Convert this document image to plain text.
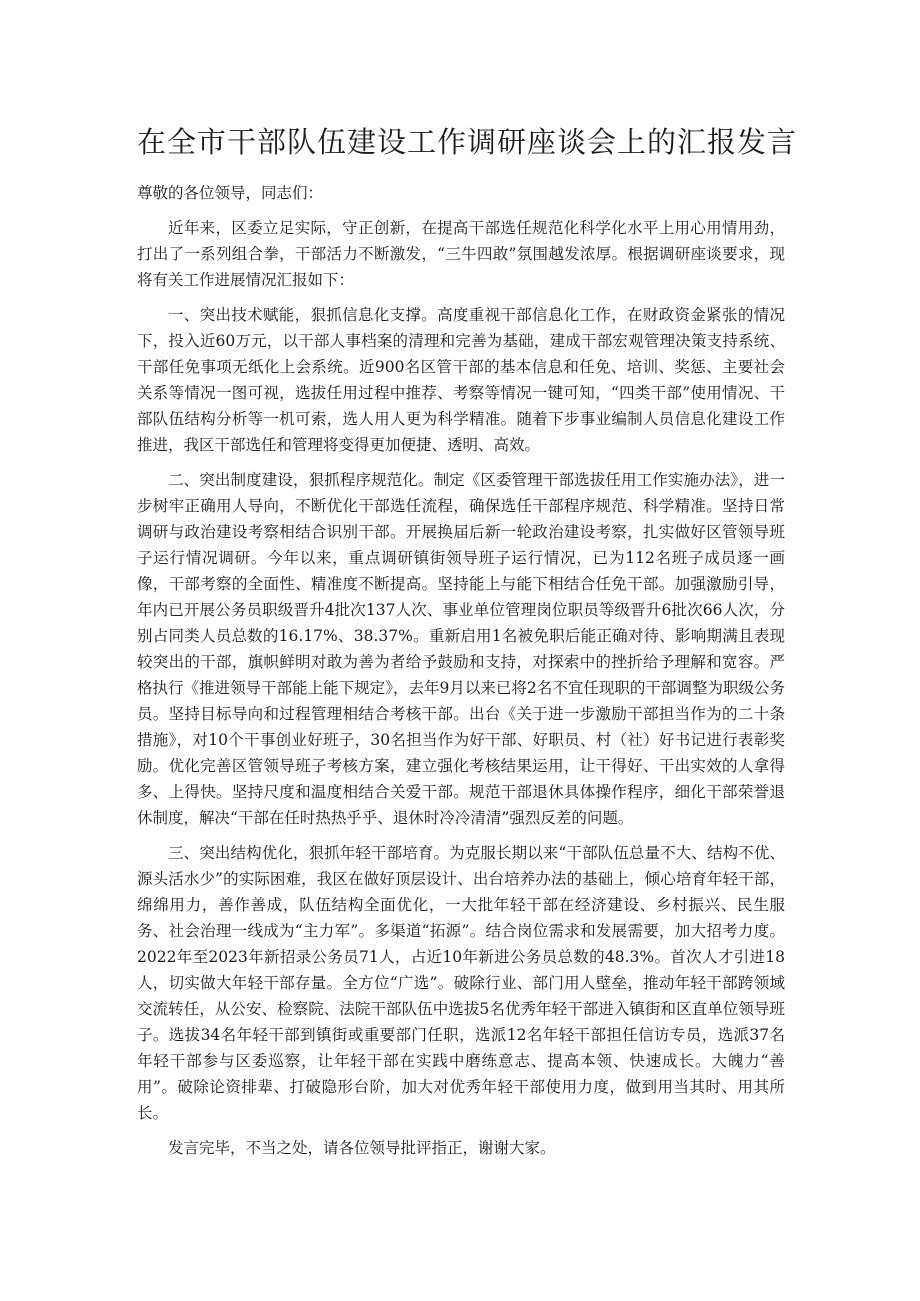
在全市干部队伍建设工作调研座谈会上的汇报发言

尊敬的各位领导，同志们：

近年来，区委立足实际，守正创新，在提高干部选任规范化科学化水平上用心用情用劲，打出了一系列组合拳，干部活力不断激发，“三牛四敢”氛围越发浓厚。根据调研座谈要求，现将有关工作进展情况汇报如下：

一、突出技术赋能，狠抓信息化支撑。高度重视干部信息化工作，在财政资金紧张的情况下，投入近60万元，以干部人事档案的清理和完善为基础，建成干部宏观管理决策支持系统、干部任免事项无纸化上会系统。近900名区管干部的基本信息和任免、培训、奖惩、主要社会关系等情况一图可视，选拔任用过程中推荐、考察等情况一键可知，“四类干部”使用情况、干部队伍结构分析等一机可索，选人用人更为科学精准。随着下步事业编制人员信息化建设工作推进，我区干部选任和管理将变得更加便捷、透明、高效。

二、突出制度建设，狠抓程序规范化。制定《区委管理干部选拔任用工作实施办法》，进一步树牢正确用人导向，不断优化干部选任流程，确保选任干部程序规范、科学精准。坚持日常调研与政治建设考察相结合识别干部。开展换届后新一轮政治建设考察，扎实做好区管领导班子运行情况调研。今年以来，重点调研镇街领导班子运行情况，已为112名班子成员逐一画像，干部考察的全面性、精准度不断提高。坚持能上与能下相结合任免干部。加强激励引导，年内已开展公务员职级晋升4批次137人次、事业单位管理岗位职员等级晋升6批次66人次，分别占同类人员总数的16.17%、38.37%。重新启用1名被免职后能正确对待、影响期满且表现较突出的干部，旗帜鲜明对敢为善为者给予鼓励和支持，对探索中的挫折给予理解和宽容。严格执行《推进领导干部能上能下规定》，去年9月以来已将2名不宜任现职的干部调整为职级公务员。坚持目标导向和过程管理相结合考核干部。出台《关于进一步激励干部担当作为的二十条措施》，对10个干事创业好班子，30名担当作为好干部、好职员、村（社）好书记进行表彰奖励。优化完善区管领导班子考核方案，建立强化考核结果运用，让干得好、干出实效的人拿得多、上得快。坚持尺度和温度相结合关爱干部。规范干部退休具体操作程序，细化干部荣誉退休制度，解决“干部在任时热热乎乎、退休时冷冷清清”强烈反差的问题。

三、突出结构优化，狠抓年轻干部培育。为克服长期以来“干部队伍总量不大、结构不优、源头活水少”的实际困难，我区在做好顶层设计、出台培养办法的基础上，倾心培育年轻干部，绵绵用力，善作善成，队伍结构全面优化，一大批年轻干部在经济建设、乡村振兴、民生服务、社会治理一线成为“主力军”。多渠道“拓源”。结合岗位需求和发展需要，加大招考力度。2022年至2023年新招录公务员71人，占近10年新进公务员总数的48.3%。首次人才引进18人，切实做大年轻干部存量。全方位“广选”。破除行业、部门用人壁垒，推动年轻干部跨领域交流转任，从公安、检察院、法院干部队伍中选拔5名优秀年轻干部进入镇街和区直单位领导班子。选拔34名年轻干部到镇街或重要部门任职，选派12名年轻干部担任信访专员，选派37名年轻干部参与区委巡察，让年轻干部在实践中磨练意志、提高本领、快速成长。大魄力“善用”。破除论资排辈、打破隐形台阶，加大对优秀年轻干部使用力度，做到用当其时、用其所长。

发言完毕，不当之处，请各位领导批评指正，谢谢大家。
